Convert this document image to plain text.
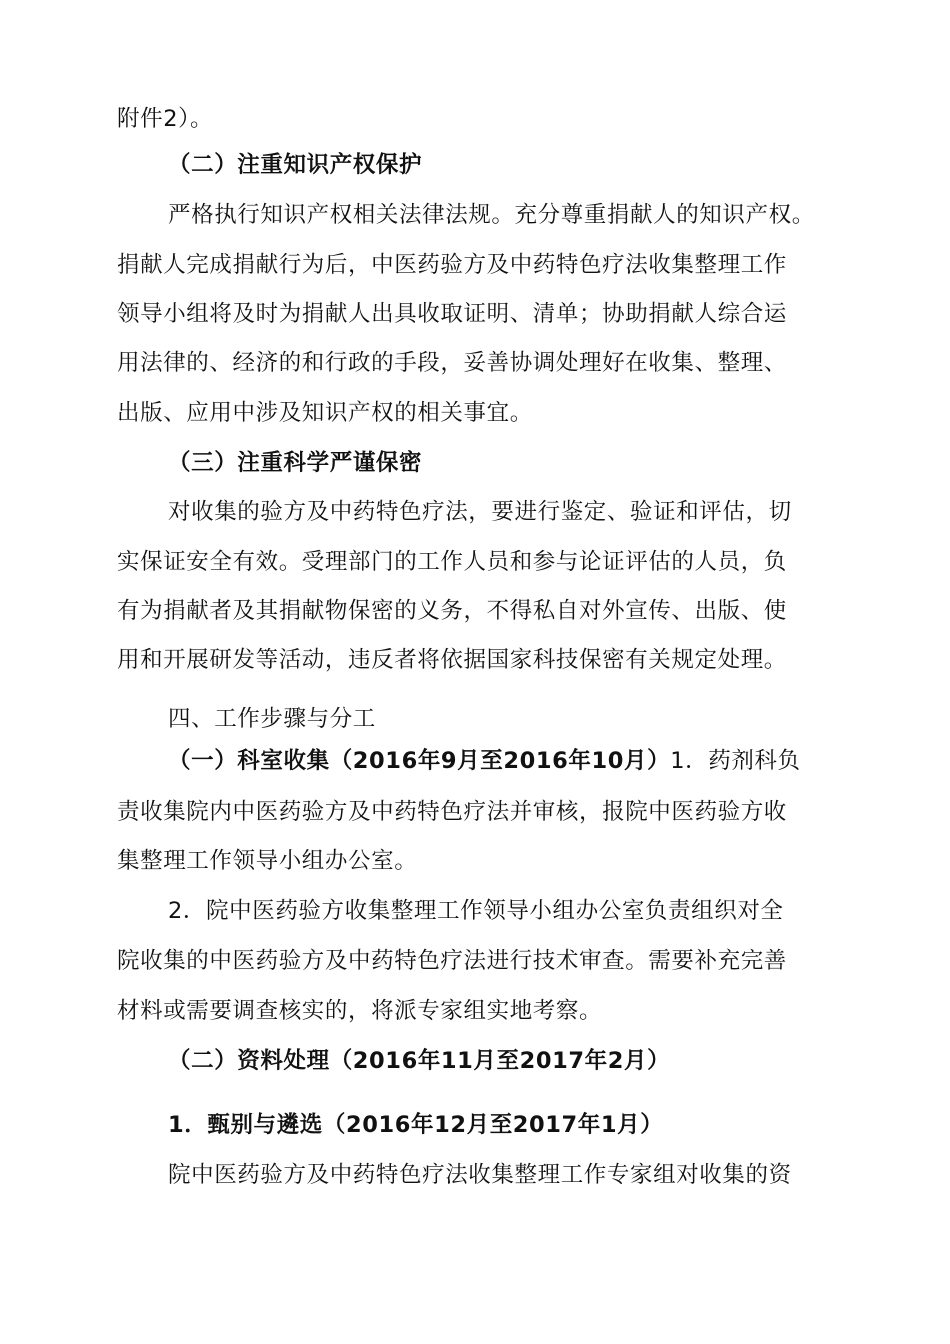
附件2）。

（二）注重知识产权保护

严格执行知识产权相关法律法规。充分尊重捐献人的知识产权。

捐献人完成捐献行为后，中医药验方及中药特色疗法收集整理工作

领导小组将及时为捐献人出具收取证明、清单；协助捐献人综合运

用法律的、经济的和行政的手段，妥善协调处理好在收集、整理、

出版、应用中涉及知识产权的相关事宜。

（三）注重科学严谨保密

对收集的验方及中药特色疗法，要进行鉴定、验证和评估，切

实保证安全有效。受理部门的工作人员和参与论证评估的人员，负

有为捐献者及其捐献物保密的义务，不得私自对外宣传、出版、使

用和开展研发等活动，违反者将依据国家科技保密有关规定处理。

四、工作步骤与分工

（一）科室收集（2016年9月至2016年10月）1．药剂科负

责收集院内中医药验方及中药特色疗法并审核，报院中医药验方收

集整理工作领导小组办公室。

2．院中医药验方收集整理工作领导小组办公室负责组织对全

院收集的中医药验方及中药特色疗法进行技术审查。需要补充完善

材料或需要调查核实的，将派专家组实地考察。

（二）资料处理（2016年11月至2017年2月）

1．甄别与遴选（2016年12月至2017年1月）

院中医药验方及中药特色疗法收集整理工作专家组对收集的资
